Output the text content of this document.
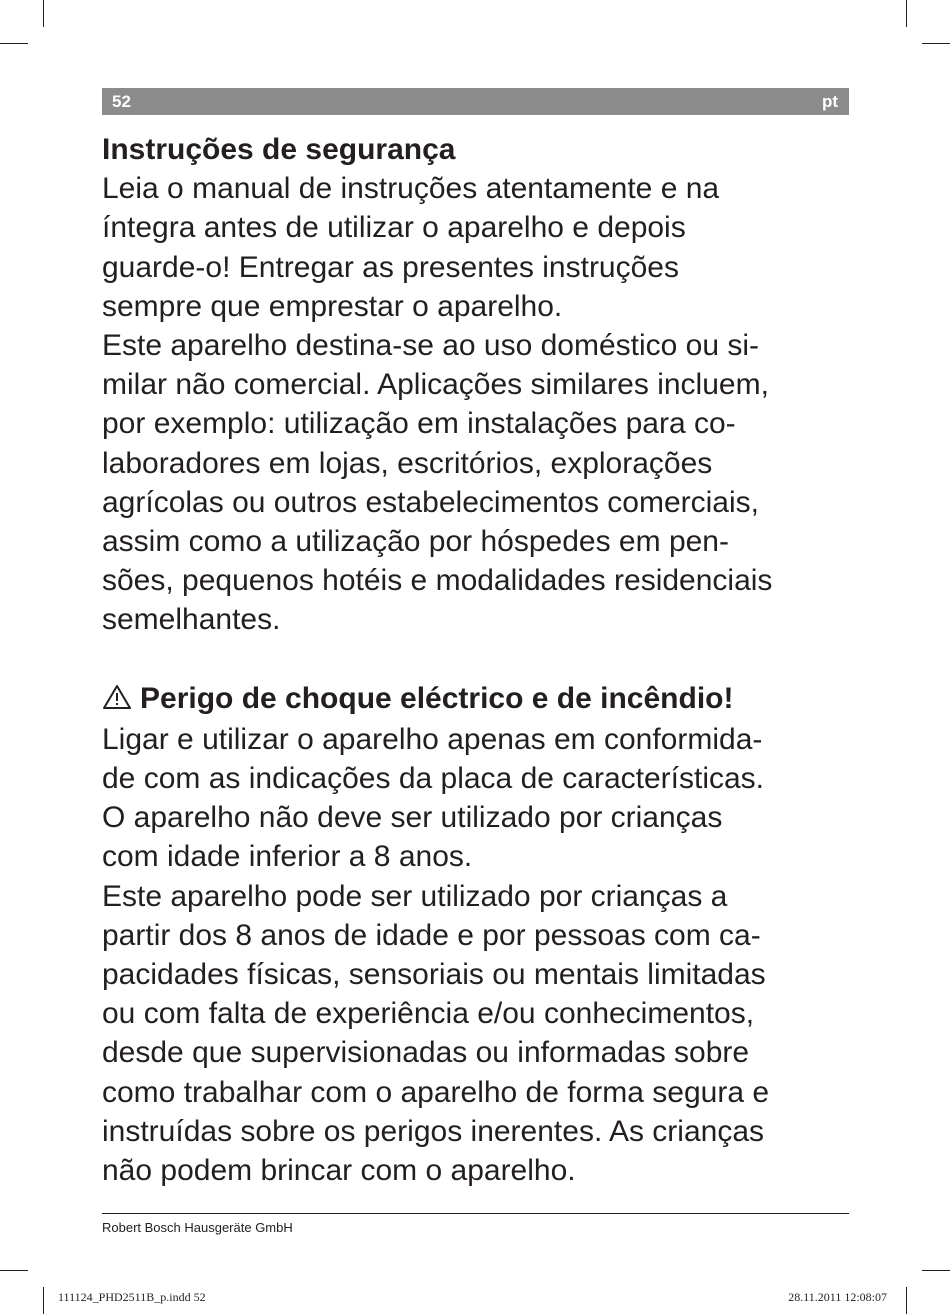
52	pt
Instruções de segurança

Leia o manual de instruções atentamente e na

íntegra antes de utilizar o aparelho e depois

guarde-o! Entregar as presentes instruções

sempre que emprestar o aparelho.

Este aparelho destina-se ao uso doméstico ou si-

milar não comercial. Aplicações similares incluem,

por exemplo: utilização em instalações para co-

laboradores em lojas, escritórios, explorações

agrícolas ou outros estabelecimentos comerciais,

assim como a utilização por hóspedes em pen-

sões, pequenos hotéis e modalidades residenciais

semelhantes.

Perigo de choque eléctrico e de incêndio!

Ligar e utilizar o aparelho apenas em conformida-

de com as indicações da placa de características.

O aparelho não deve ser utilizado por crianças

com idade inferior a 8 anos.

Este aparelho pode ser utilizado por crianças a

partir dos 8 anos de idade e por pessoas com ca-

pacidades físicas, sensoriais ou mentais limitadas

ou com falta de experiência e/ou conhecimentos,

desde que supervisionadas ou informadas sobre

como trabalhar com o aparelho de forma segura e

instruídas sobre os perigos inerentes. As crianças

não podem brincar com o aparelho.

Robert Bosch Hausgeräte GmbH
111124_PHD2511B_p.indd 52	28.11.2011 12:08:07
